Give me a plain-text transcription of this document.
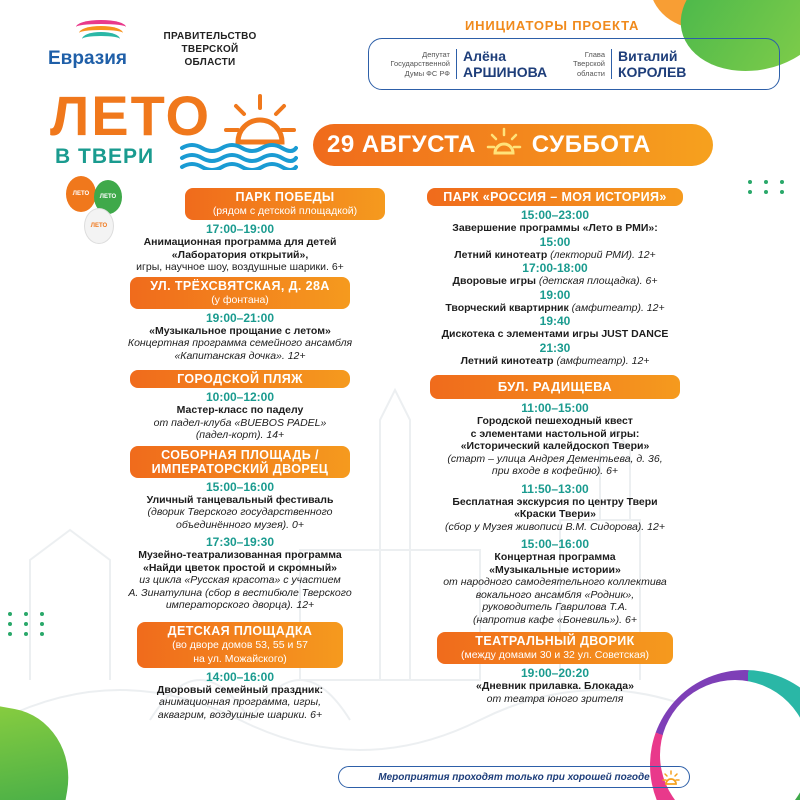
Евразия
ПРАВИТЕЛЬСТВО
ТВЕРСКОЙ
ОБЛАСТИ
ИНИЦИАТОРЫ ПРОЕКТА
Депутат
Государственной
Думы ФС РФ
Алёна
АРШИНОВА
Глава
Тверской
области
Виталий
КОРОЛЕВ
ЛЕТО
В ТВЕРИ	29 АВГУСТА СУББОТА
ЛЕТО ЛЕТО
ЛЕТО
ПАРК ПОБЕДЫ
(рядом с детской площадкой)
17:00–19:00
Анимационная программа для детей
«Лаборатория открытий»,
игры, научное шоу, воздушные шарики. 6+
УЛ. ТРЁХСВЯТСКАЯ, Д. 28А
(у фонтана)
19:00–21:00
«Музыкальное прощание с летом»
Концертная программа семейного ансамбля
«Капитанская дочка». 12+
ГОРОДСКОЙ ПЛЯЖ
10:00–12:00
Мастер-класс по паделу
от падел-клуба «BUEBOS PADEL»
(падел-корт). 14+
СОБОРНАЯ ПЛОЩАДЬ /
ИМПЕРАТОРСКИЙ ДВОРЕЦ
15:00–16:00
Уличный танцевальный фестиваль
(дворик Тверского государственного
объединённого музея). 0+
17:30–19:30
Музейно-театрализованная программа
«Найди цветок простой и скромный»
из цикла «Русская красота» с участием
А. Зинатулина (сбор в вестибюле Тверского
императорского дворца). 12+
ДЕТСКАЯ ПЛОЩАДКА
(во дворе домов 53, 55 и 57
на ул. Можайского)
14:00–16:00
Дворовый семейный праздник:
анимационная программа, игры,
аквагрим, воздушные шарики. 6+
ПАРК «РОССИЯ – МОЯ ИСТОРИЯ»
15:00–23:00
Завершение программы «Лето в РМИ»:
15:00
Летний кинотеатр (лекторий РМИ). 12+
17:00-18:00
Дворовые игры (детская площадка). 6+
19:00
Творческий квартирник (амфитеатр). 12+
19:40
Дискотека с элементами игры JUST DANCE
21:30
Летний кинотеатр (амфитеатр). 12+
БУЛ. РАДИЩЕВА
11:00–15:00
Городской пешеходный квест
с элементами настольной игры:
«Исторический калейдоскоп Твери»
(старт – улица Андрея Дементьева, д. 36,
при входе в кофейню). 6+
11:50–13:00
Бесплатная экскурсия по центру Твери
«Краски Твери»
(сбор у Музея живописи В.М. Сидорова). 12+
15:00–16:00
Концертная программа
«Музыкальные истории»
от народного самодеятельного коллектива
вокального ансамбля «Родник»,
руководитель Гаврилова Т.А.
(напротив кафе «Боневиль»). 6+
ТЕАТРАЛЬНЫЙ ДВОРИК
(между домами 30 и 32 ул. Советская)
19:00–20:20
«Дневник прилавка. Блокада»
от театра юного зрителя
Мероприятия проходят только при хорошей погоде
